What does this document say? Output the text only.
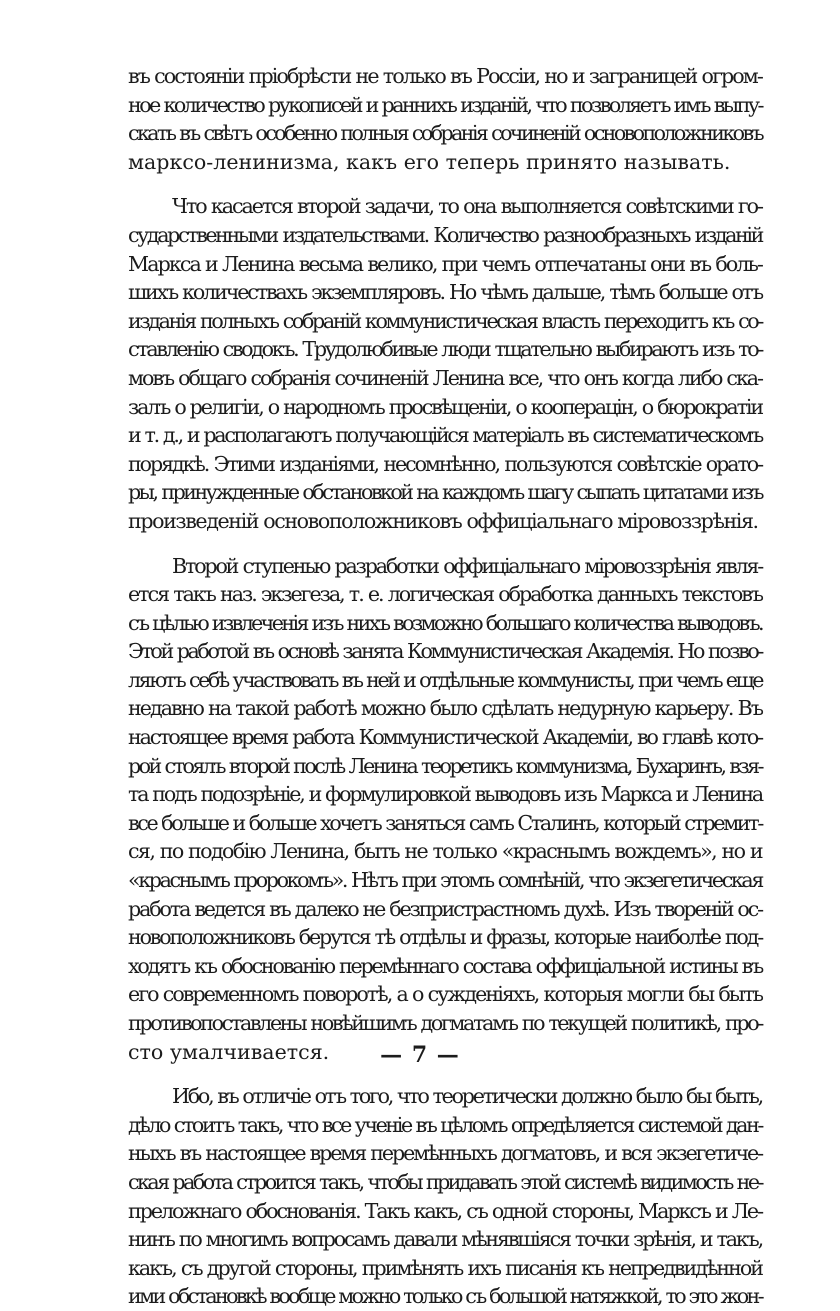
въ состояніи пріобрѣсти не только въ Россіи, но и заграницей огром-
ное количество рукописей и раннихъ изданій, что позволяетъ имъ выпу-
скать въ свѣтъ особенно полныя собранія сочиненій основоположниковъ
марксо-ленинизма, какъ его теперь принято называть.

Что касается второй задачи, то она выполняется совѣтскими го-
сударственными издательствами. Количество разнообразныхъ изданій
Маркса и Ленина весьма велико, при чемъ отпечатаны они въ боль-
шихъ количествахъ экземпляровъ. Но чѣмъ дальше, тѣмъ больше отъ
изданія полныхъ собраній коммунистическая власть переходитъ къ со-
ставленію сводокъ. Трудолюбивые люди тщательно выбираютъ изъ то-
мовъ общаго собранія сочиненій Ленина все, что онъ когда либо ска-
залъ о религіи, о народномъ просвѣщеніи, о кооперацін, о бюрократіи
и т. д., и располагаютъ получающійся матеріалъ въ систематическомъ
порядкѣ. Этими изданіями, несомнѣнно, пользуются совѣтскіе орато-
ры, принужденные обстановкой на каждомъ шагу сыпать цитатами изъ
произведеній основоположниковъ оффиціальнаго міровоззрѣнія.

Второй ступенью разработки оффиціальнаго міровоззрѣнія явля-
ется такъ наз. экзегеза, т. е. логическая обработка данныхъ текстовъ
съ цѣлью извлеченія изъ нихъ возможно большаго количества выводовъ.
Этой работой въ основѣ занята Коммунистическая Академія. Но позво-
ляютъ себѣ участвовать въ ней и отдѣльные коммунисты, при чемъ еще
недавно на такой работѣ можно было сдѣлать недурную карьеру. Въ
настоящее время работа Коммунистической Академіи, во главѣ кото-
рой стоялъ второй послѣ Ленина теоретикъ коммунизма, Бухаринъ, взя-
та подъ подозрѣніе, и формулировкой выводовъ изъ Маркса и Ленина
все больше и больше хочетъ заняться самъ Сталинъ, который стремит-
ся, по подобію Ленина, быть не только «краснымъ вождемъ», но и
«краснымъ пророкомъ». Нѣтъ при этомъ сомнѣній, что экзегетическая
работа ведется въ далеко не безпристрастномъ духѣ. Изъ твореній ос-
новоположниковъ берутся тѣ отдѣлы и фразы, которые наиболѣе под-
ходятъ къ обоснованію перемѣннаго состава оффиціальной истины въ
его современномъ поворотѣ, а о сужденіяхъ, которыя могли бы быть
противопоставлены новѣйшимъ догматамъ по текущей политикѣ, про-
сто умалчивается.

Ибо, въ отличіе отъ того, что теоретически должно было бы быть,
дѣло стоитъ такъ, что все ученіе въ цѣломъ опредѣляется системой дан-
ныхъ въ настоящее время перемѣнныхъ догматовъ, и вся экзегетиче-
ская работа строится такъ, чтобы придавать этой системѣ видимость не-
преложнаго обоснованія. Такъ какъ, съ одной стороны, Марксъ и Ле-
нинъ по многимъ вопросамъ давали мѣнявшіяся точки зрѣнія, и такъ,
какъ, съ другой стороны, примѣнять ихъ писанія къ непредвидѣнной
ими обстановкѣ вообще можно только съ большой натяжкой, то это жон-

— 7 —
